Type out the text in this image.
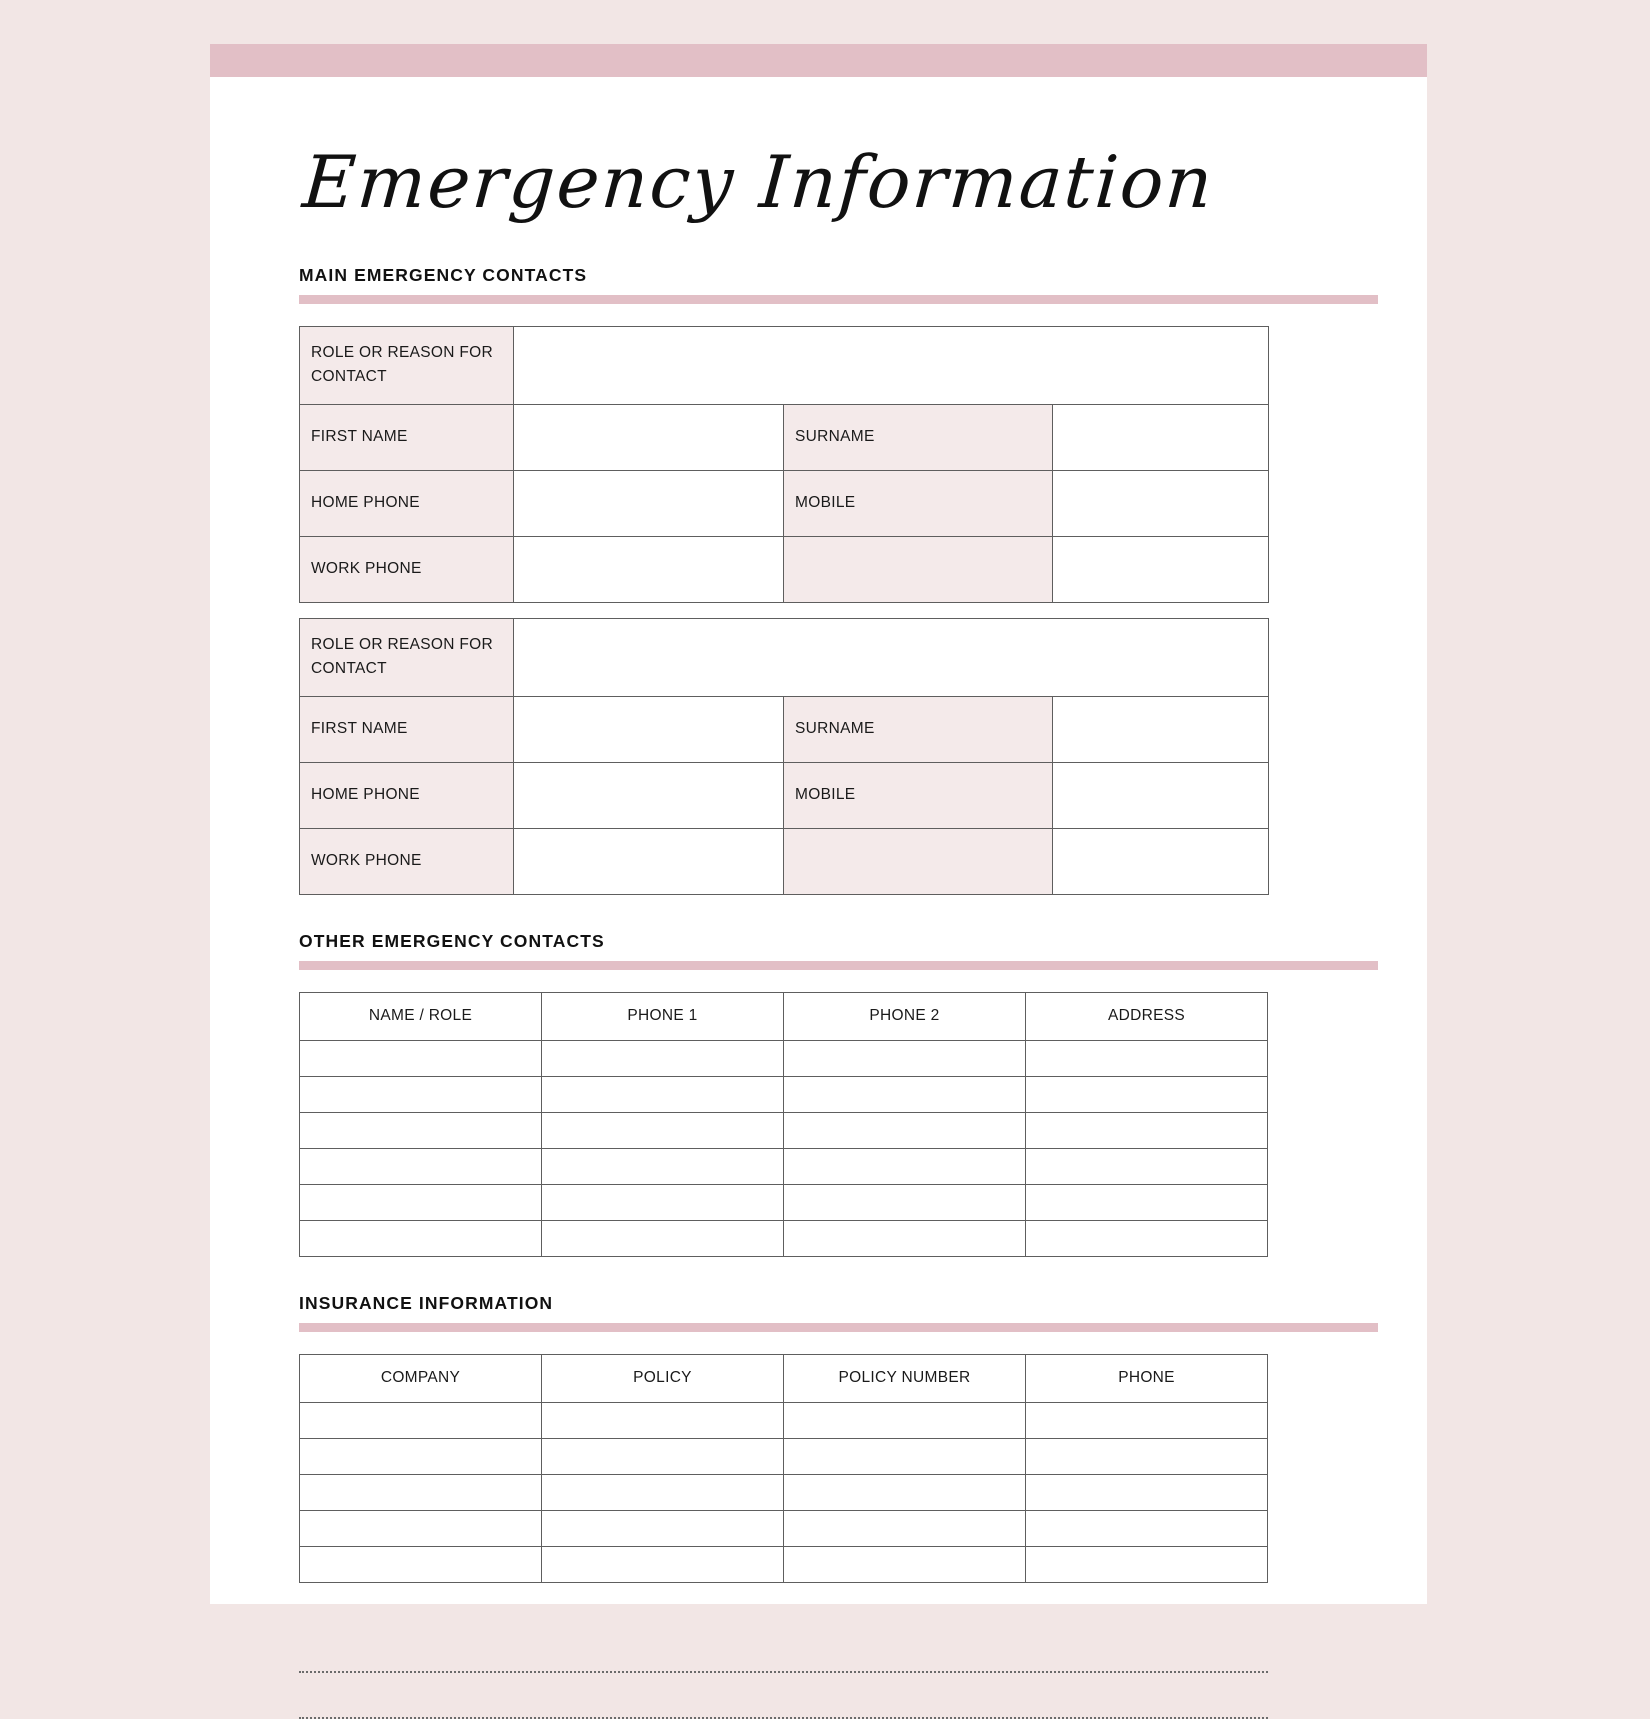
Emergency Information
MAIN EMERGENCY CONTACTS
ROLE OR REASON FOR CONTACT			
FIRST NAME		SURNAME	
HOME PHONE		MOBILE	
WORK PHONE			
ROLE OR REASON FOR CONTACT			
FIRST NAME		SURNAME	
HOME PHONE		MOBILE	
WORK PHONE			
OTHER EMERGENCY CONTACTS
NAME / ROLE	PHONE 1	PHONE 2	ADDRESS

INSURANCE INFORMATION
COMPANY	POLICY	POLICY NUMBER	PHONE
